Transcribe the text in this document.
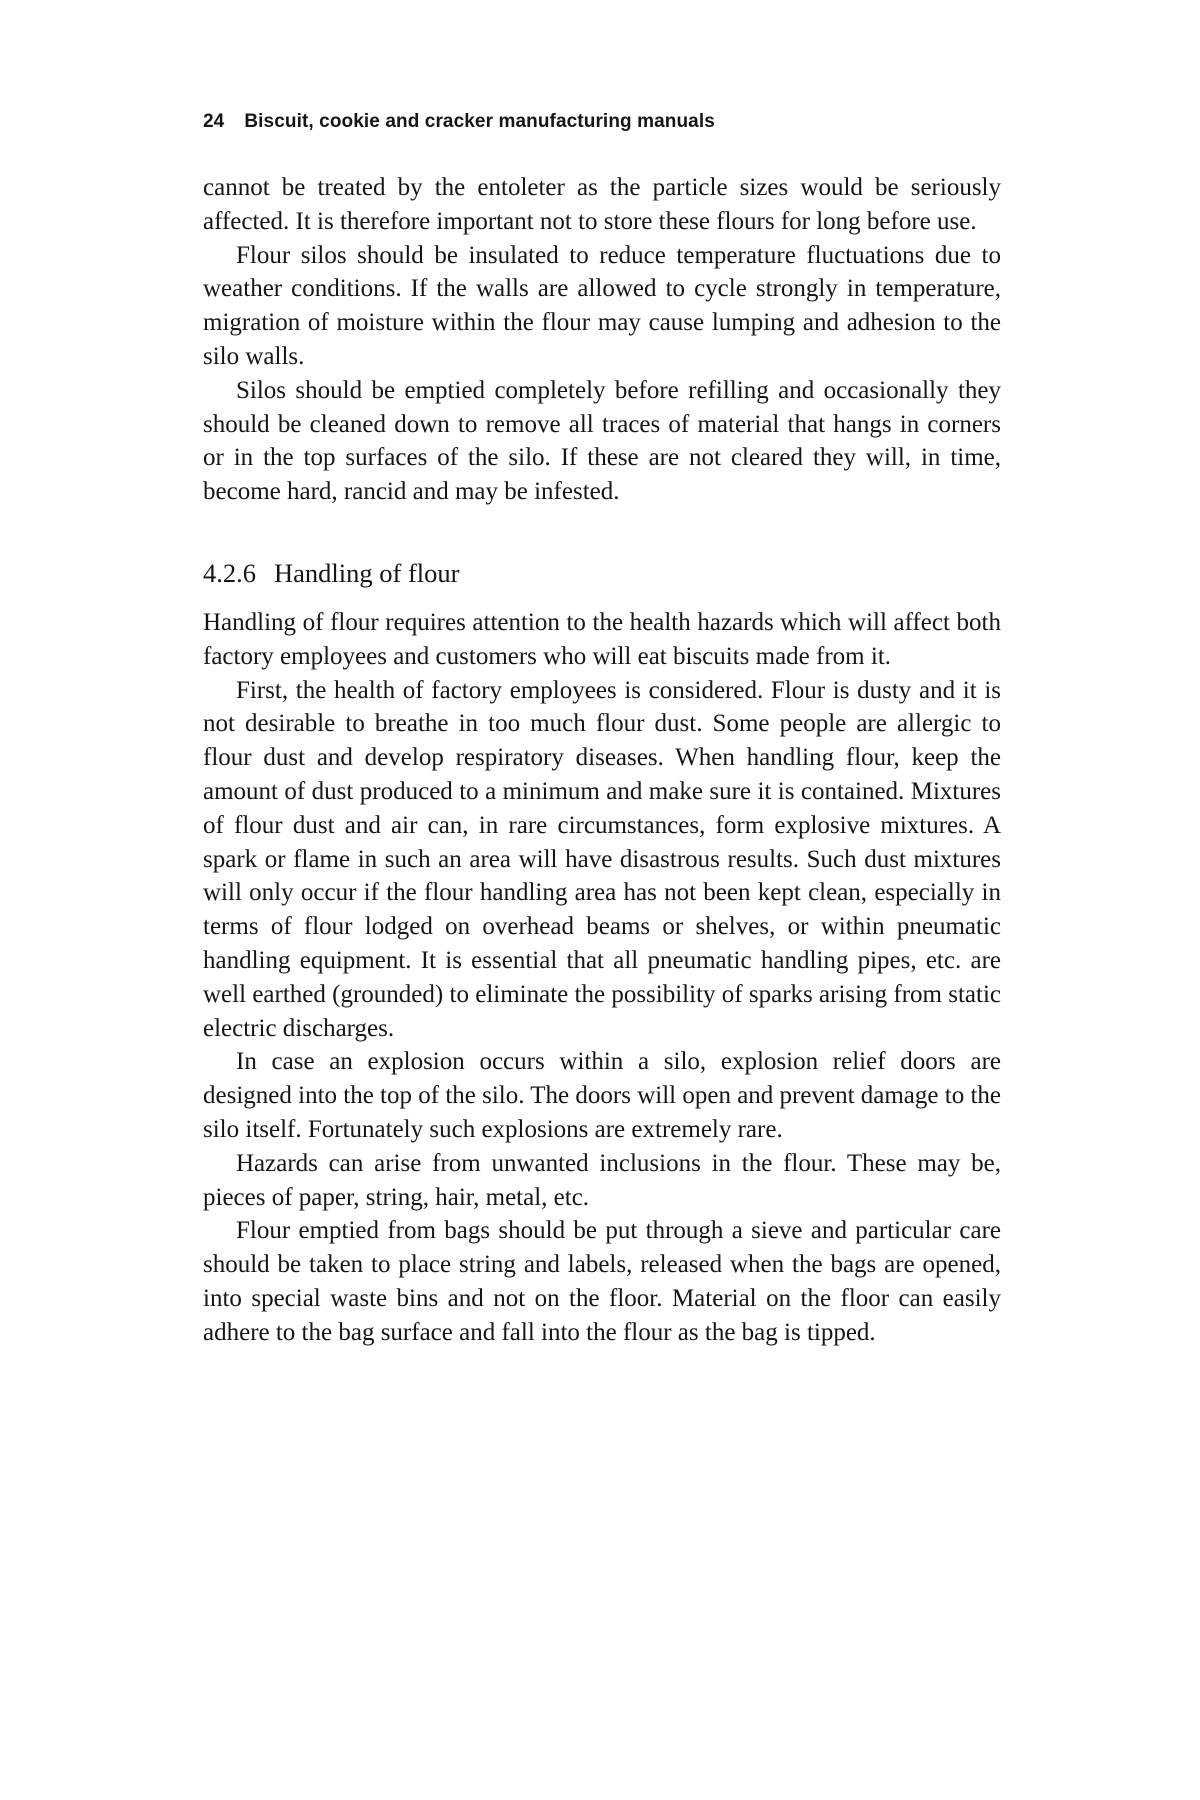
24 Biscuit, cookie and cracker manufacturing manuals

cannot be treated by the entoleter as the particle sizes would be seriously affected. It is therefore important not to store these flours for long before use.

Flour silos should be insulated to reduce temperature fluctuations due to weather conditions. If the walls are allowed to cycle strongly in temperature, migration of moisture within the flour may cause lumping and adhesion to the silo walls.

Silos should be emptied completely before refilling and occasionally they should be cleaned down to remove all traces of material that hangs in corners or in the top surfaces of the silo. If these are not cleared they will, in time, become hard, rancid and may be infested.

4.2.6 Handling of flour

Handling of flour requires attention to the health hazards which will affect both factory employees and customers who will eat biscuits made from it.

First, the health of factory employees is considered. Flour is dusty and it is not desirable to breathe in too much flour dust. Some people are allergic to flour dust and develop respiratory diseases. When handling flour, keep the amount of dust produced to a minimum and make sure it is contained. Mixtures of flour dust and air can, in rare circumstances, form explosive mixtures. A spark or flame in such an area will have disastrous results. Such dust mixtures will only occur if the flour handling area has not been kept clean, especially in terms of flour lodged on overhead beams or shelves, or within pneumatic handling equipment. It is essential that all pneumatic handling pipes, etc. are well earthed (grounded) to eliminate the possibility of sparks arising from static electric discharges.

In case an explosion occurs within a silo, explosion relief doors are designed into the top of the silo. The doors will open and prevent damage to the silo itself. Fortunately such explosions are extremely rare.

Hazards can arise from unwanted inclusions in the flour. These may be, pieces of paper, string, hair, metal, etc.

Flour emptied from bags should be put through a sieve and particular care should be taken to place string and labels, released when the bags are opened, into special waste bins and not on the floor. Material on the floor can easily adhere to the bag surface and fall into the flour as the bag is tipped.
